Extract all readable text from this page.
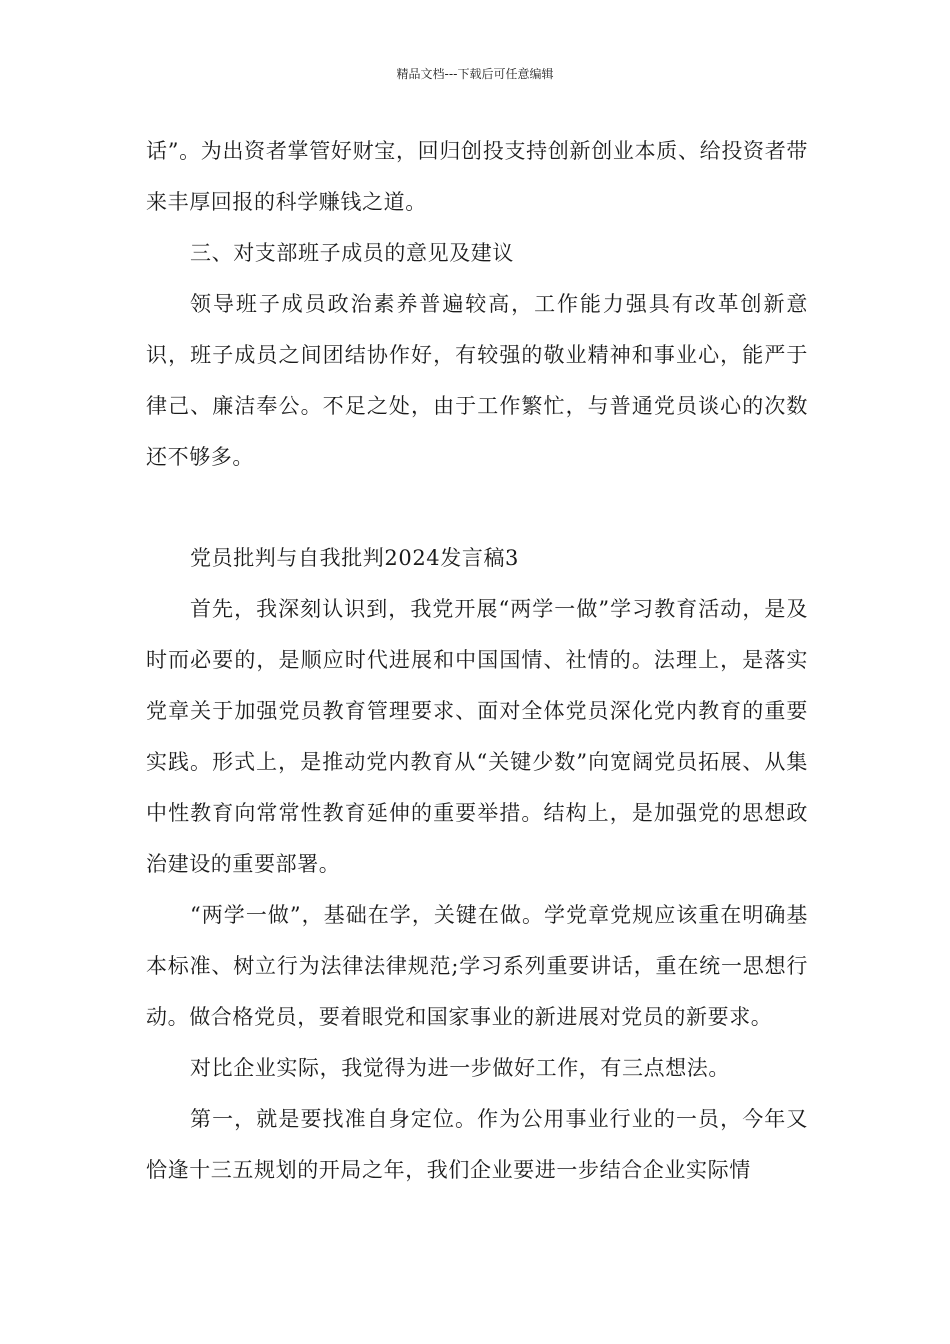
精品文档---下载后可任意编辑

话”。为出资者掌管好财宝，回归创投支持创新创业本质、给投资者带来丰厚回报的科学赚钱之道。

三、对支部班子成员的意见及建议

领导班子成员政治素养普遍较高，工作能力强具有改革创新意识，班子成员之间团结协作好，有较强的敬业精神和事业心，能严于律己、廉洁奉公。不足之处，由于工作繁忙，与普通党员谈心的次数还不够多。

党员批判与自我批判2024发言稿3

首先，我深刻认识到，我党开展“两学一做”学习教育活动，是及时而必要的，是顺应时代进展和中国国情、社情的。法理上，是落实党章关于加强党员教育管理要求、面对全体党员深化党内教育的重要实践。形式上，是推动党内教育从“关键少数”向宽阔党员拓展、从集中性教育向常常性教育延伸的重要举措。结构上，是加强党的思想政治建设的重要部署。

“两学一做”，基础在学，关键在做。学党章党规应该重在明确基本标准、树立行为法律法律规范;学习系列重要讲话，重在统一思想行动。做合格党员，要着眼党和国家事业的新进展对党员的新要求。

对比企业实际，我觉得为进一步做好工作，有三点想法。

第一，就是要找准自身定位。作为公用事业行业的一员，今年又恰逢十三五规划的开局之年，我们企业要进一步结合企业实际情
